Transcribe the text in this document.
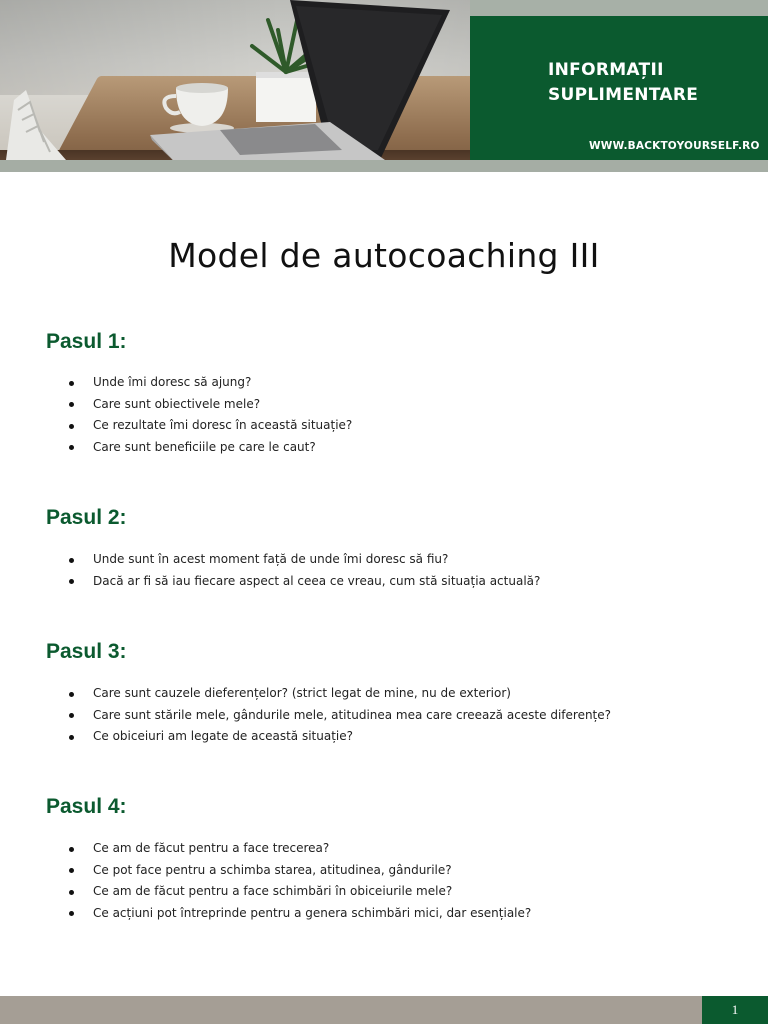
INFORMAȚII
SUPLIMENTARE
WWW.BACKTOYOURSELF.RO
Model de autocoaching III
Pasul 1:
Unde îmi doresc să ajung?
Care sunt obiectivele mele?
Ce rezultate îmi doresc în această situație?
Care sunt beneficiile pe care le caut?
Pasul 2:
Unde sunt în acest moment față de unde îmi doresc să fiu?
Dacă ar fi să iau fiecare aspect al ceea ce vreau, cum stă situația actuală?
Pasul 3:
Care sunt cauzele dieferențelor? (strict legat de mine, nu de exterior)
Care sunt stările mele, gândurile mele, atitudinea mea care creează aceste diferențe?
Ce obiceiuri am legate de această situație?
Pasul 4:
Ce am de făcut pentru a face trecerea?
Ce pot face pentru a schimba starea, atitudinea, gândurile?
Ce am de făcut pentru a face schimbări în obiceiurile mele?
Ce acțiuni pot întreprinde pentru a genera schimbări mici, dar esențiale?
1
